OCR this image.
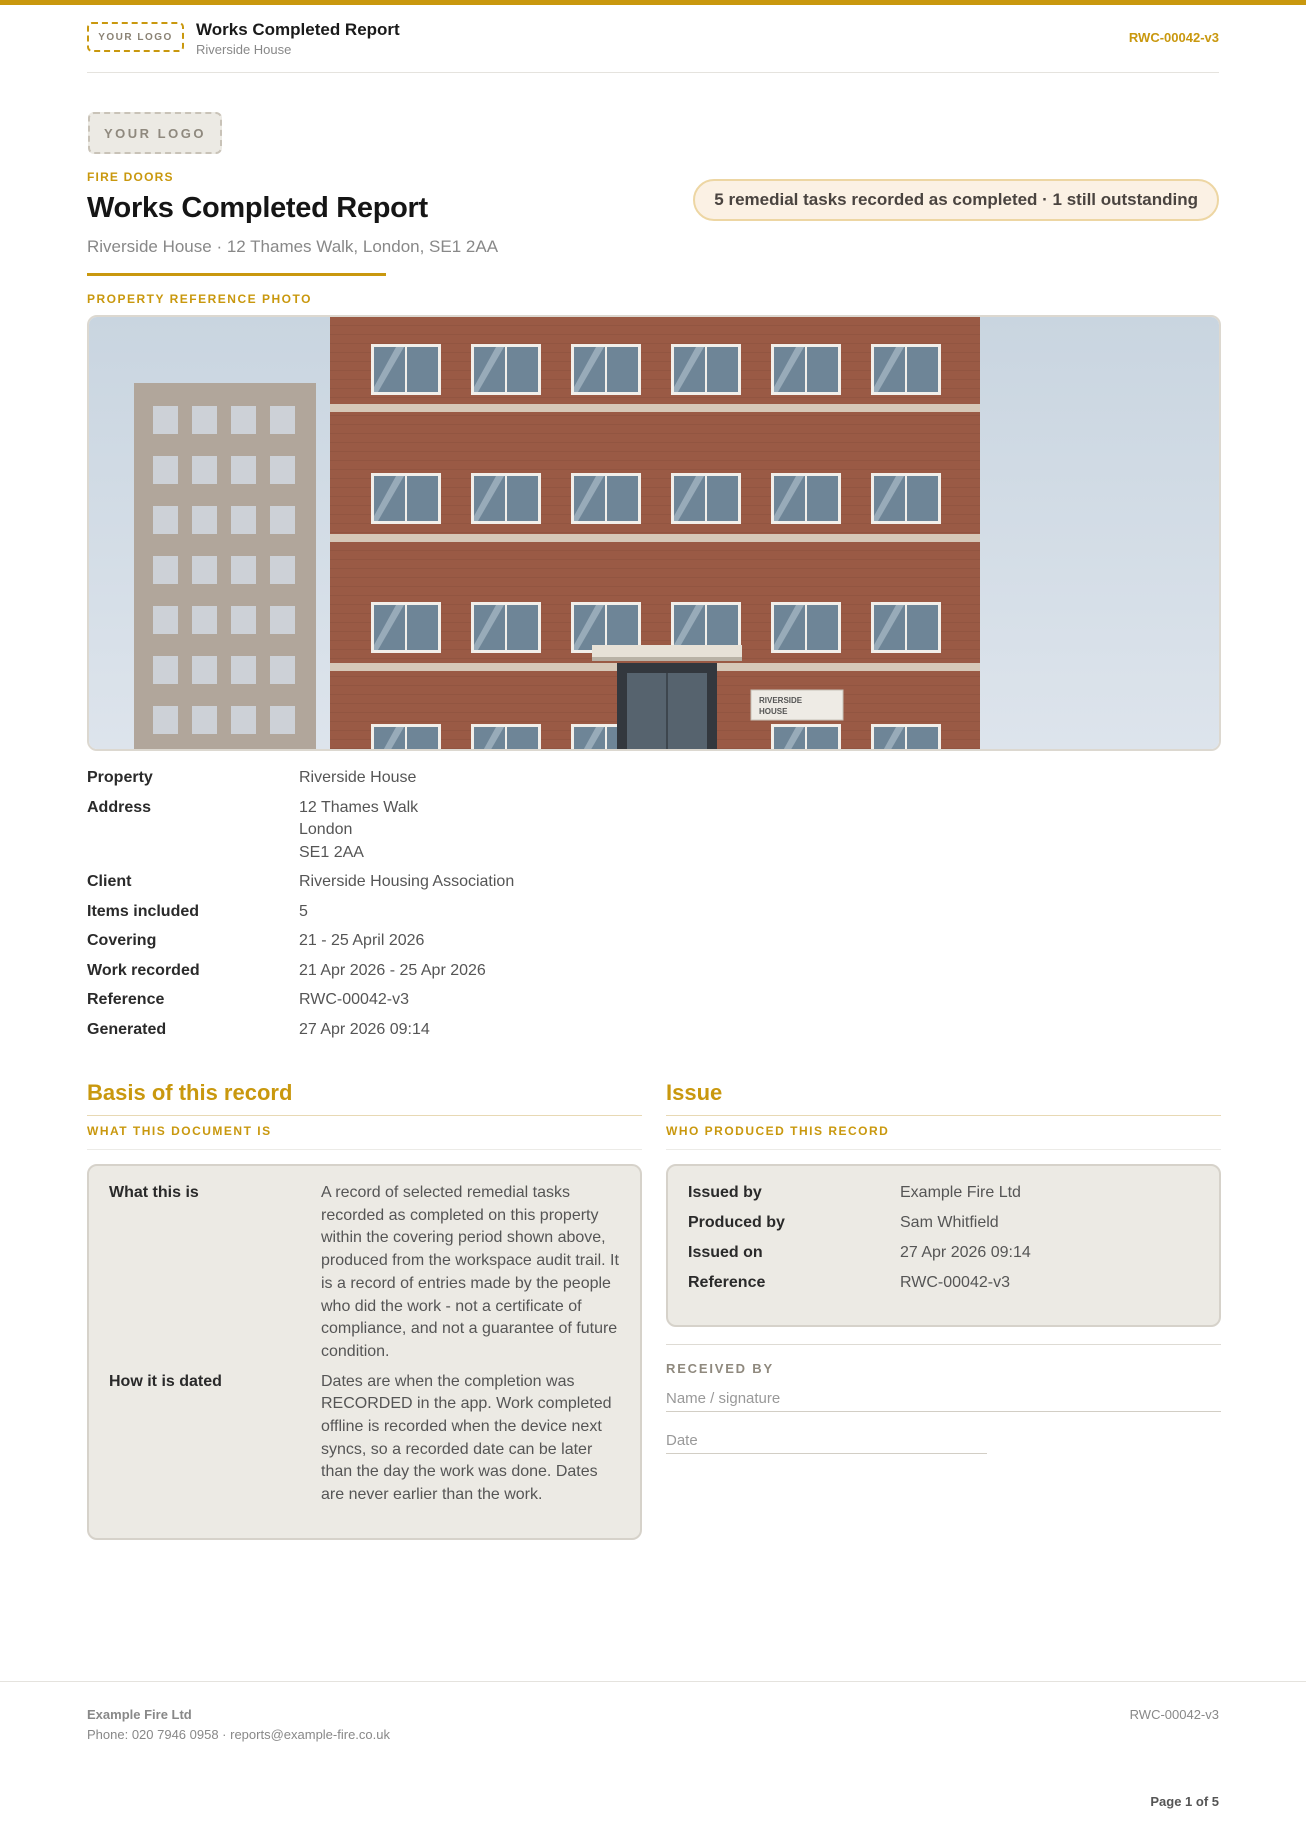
YOUR LOGO	Works Completed Report
Riverside House
RWC-00042-v3
YOUR LOGO
FIRE DOORS
Works Completed Report
Riverside House · 12 Thames Walk, London, SE1 2AA
5 remedial tasks recorded as completed · 1 still outstanding
PROPERTY REFERENCE PHOTO
RIVERSIDE
HOUSE
Property	Riverside House
Address	12 Thames Walk
London
SE1 2AA
Client	Riverside Housing Association
Items included	5
Covering	21 - 25 April 2026
Work recorded	21 Apr 2026 - 25 Apr 2026
Reference	RWC-00042-v3
Generated	27 Apr 2026 09:14
Basis of this record
WHAT THIS DOCUMENT IS
What this is	A record of selected remedial tasks recorded as completed on this property within the covering period shown above, produced from the workspace audit trail. It is a record of entries made by the people who did the work - not a certificate of compliance, and not a guarantee of future condition.
How it is dated	Dates are when the completion was RECORDED in the app. Work completed offline is recorded when the device next syncs, so a recorded date can be later than the day the work was done. Dates are never earlier than the work.
Issue
WHO PRODUCED THIS RECORD
Issued by	Example Fire Ltd
Produced by	Sam Whitfield
Issued on	27 Apr 2026 09:14
Reference	RWC-00042-v3
RECEIVED BY
Name / signature
Date
Example Fire Ltd
Phone: 020 7946 0958 · reports@example-fire.co.uk
RWC-00042-v3
Page 1 of 5
